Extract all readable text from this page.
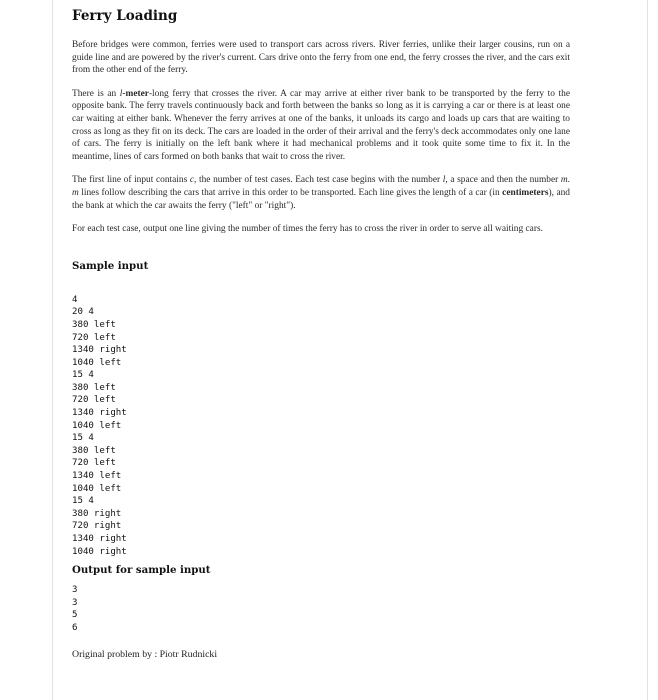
Ferry Loading

Before bridges were common, ferries were used to transport cars across rivers. River ferries, unlike their larger cousins, run on a guide line and are powered by the river's current. Cars drive onto the ferry from one end, the ferry crosses the river, and the cars exit from the other end of the ferry.

There is an l-meter-long ferry that crosses the river. A car may arrive at either river bank to be transported by the ferry to the opposite bank. The ferry travels continuously back and forth between the banks so long as it is carrying a car or there is at least one car waiting at either bank. Whenever the ferry arrives at one of the banks, it unloads its cargo and loads up cars that are waiting to cross as long as they fit on its deck. The cars are loaded in the order of their arrival and the ferry's deck accommodates only one lane of cars. The ferry is initially on the left bank where it had mechanical problems and it took quite some time to fix it. In the meantime, lines of cars formed on both banks that wait to cross the river.

The first line of input contains c, the number of test cases. Each test case begins with the number l, a space and then the number m. m lines follow describing the cars that arrive in this order to be transported. Each line gives the length of a car (in centimeters), and the bank at which the car awaits the ferry ("left" or "right").

For each test case, output one line giving the number of times the ferry has to cross the river in order to serve all waiting cars.

Sample input

4
20 4
380 left
720 left
1340 right
1040 left
15 4
380 left
720 left
1340 right
1040 left
15 4
380 left
720 left
1340 left
1040 left
15 4
380 right
720 right
1340 right
1040 right

Output for sample input

3
3
5
6

Original problem by : Piotr Rudnicki
